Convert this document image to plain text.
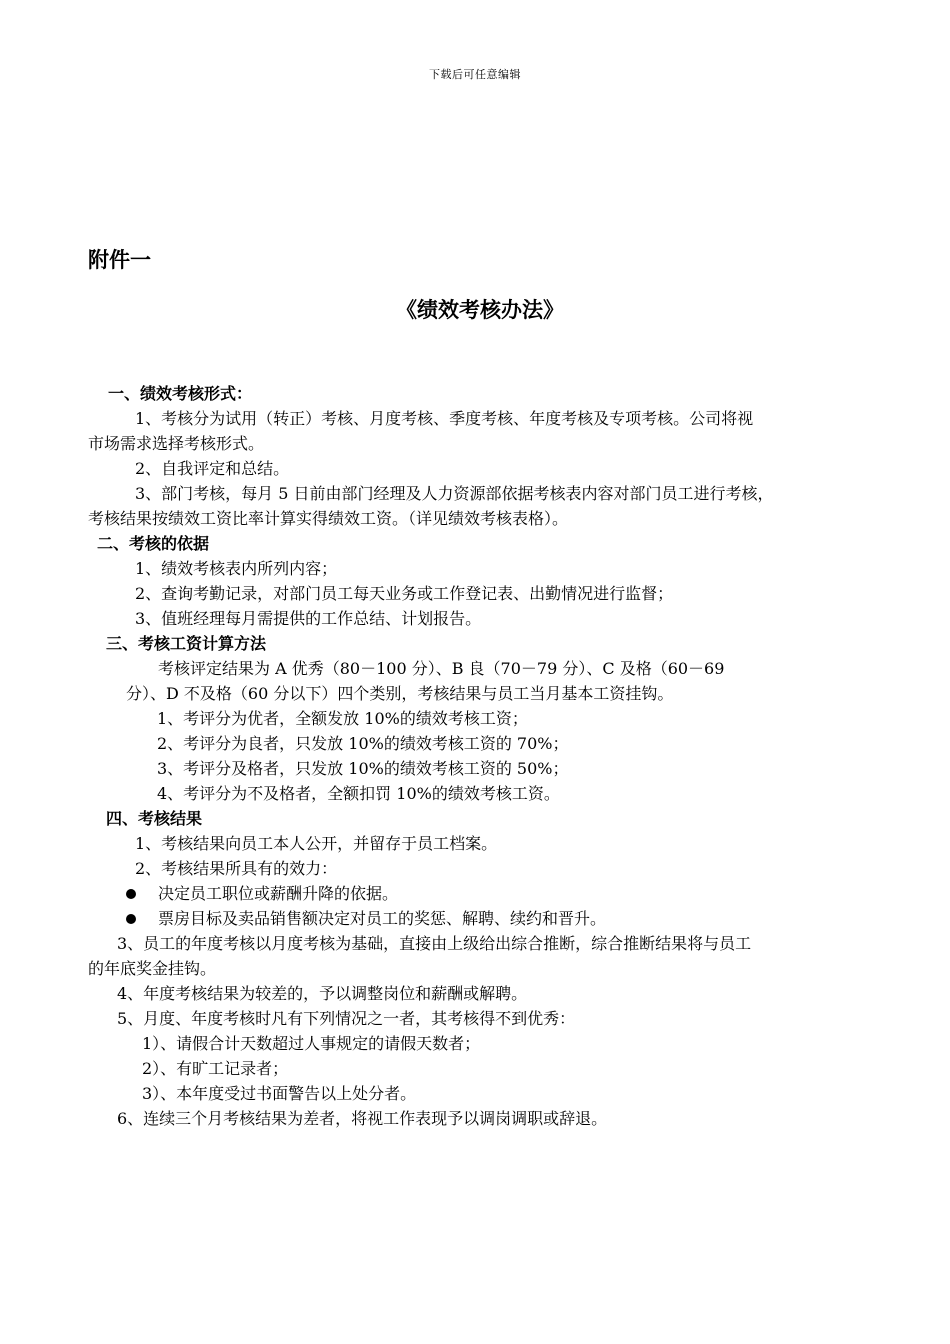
下载后可任意编辑
附件一
《绩效考核办法》
一、绩效考核形式：
1、考核分为试用（转正）考核、月度考核、季度考核、年度考核及专项考核。公司将视
市场需求选择考核形式。
2、自我评定和总结。
3、部门考核，每月 5 日前由部门经理及人力资源部依据考核表内容对部门员工进行考核，
考核结果按绩效工资比率计算实得绩效工资。（详见绩效考核表格）。
二、考核的依据
1、绩效考核表内所列内容；
2、查询考勤记录，对部门员工每天业务或工作登记表、出勤情况进行监督；
3、值班经理每月需提供的工作总结、计划报告。
三、考核工资计算方法
考核评定结果为 A 优秀（80－100 分）、B 良（70－79 分）、C 及格（60－69
分）、D 不及格（60 分以下）四个类别，考核结果与员工当月基本工资挂钩。
1、考评分为优者，全额发放 10%的绩效考核工资；
2、考评分为良者，只发放 10%的绩效考核工资的 70%；
3、考评分及格者，只发放 10%的绩效考核工资的 50%；
4、考评分为不及格者，全额扣罚 10%的绩效考核工资。
四、考核结果
1、考核结果向员工本人公开，并留存于员工档案。
2、考核结果所具有的效力：
决定员工职位或薪酬升降的依据。
票房目标及卖品销售额决定对员工的奖惩、解聘、续约和晋升。
3、员工的年度考核以月度考核为基础，直接由上级给出综合推断，综合推断结果将与员工
的年底奖金挂钩。
4、年度考核结果为较差的，予以调整岗位和薪酬或解聘。
5、月度、年度考核时凡有下列情况之一者，其考核得不到优秀：
1）、请假合计天数超过人事规定的请假天数者；
2）、有旷工记录者；
3）、本年度受过书面警告以上处分者。
6、连续三个月考核结果为差者，将视工作表现予以调岗调职或辞退。
